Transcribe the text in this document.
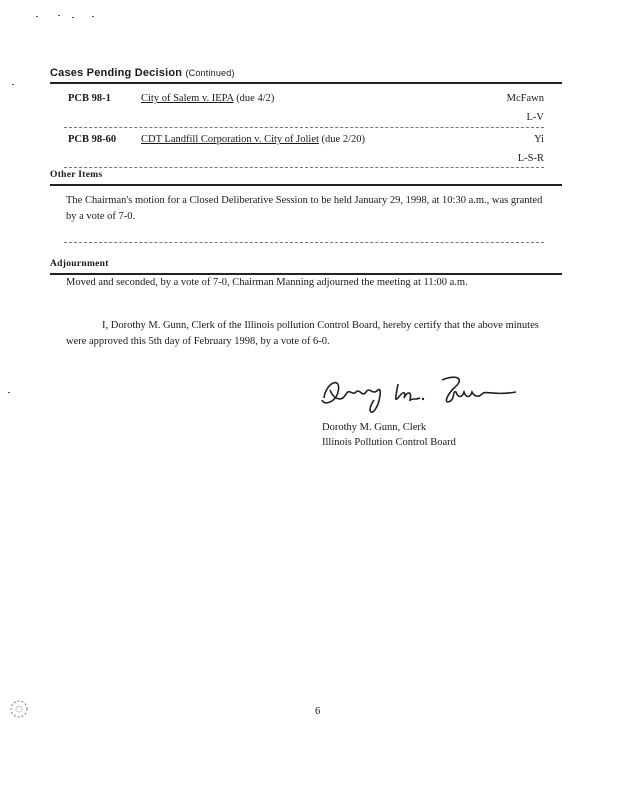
Cases Pending Decision (Continued)
PCB 98-1	City of Salem v. IEPA (due 4/2)	McFawn
L-V
PCB 98-60 CDT Landfill Corporation v. City of Joliet (due 2/20)	Yi
L-S-R
Other Items
The Chairman's motion for a Closed Deliberative Session to be held January 29, 1998, at 10:30 a.m., was granted by a vote of 7-0.
Adjournment
Moved and seconded, by a vote of 7-0, Chairman Manning adjourned the meeting at 11:00 a.m.
I, Dorothy M. Gunn, Clerk of the Illinois pollution Control Board, hereby certify that the above minutes were approved this 5th day of February 1998, by a vote of 6-0.
Dorothy M. Gunn, Clerk
Illinois Pollution Control Board
6
